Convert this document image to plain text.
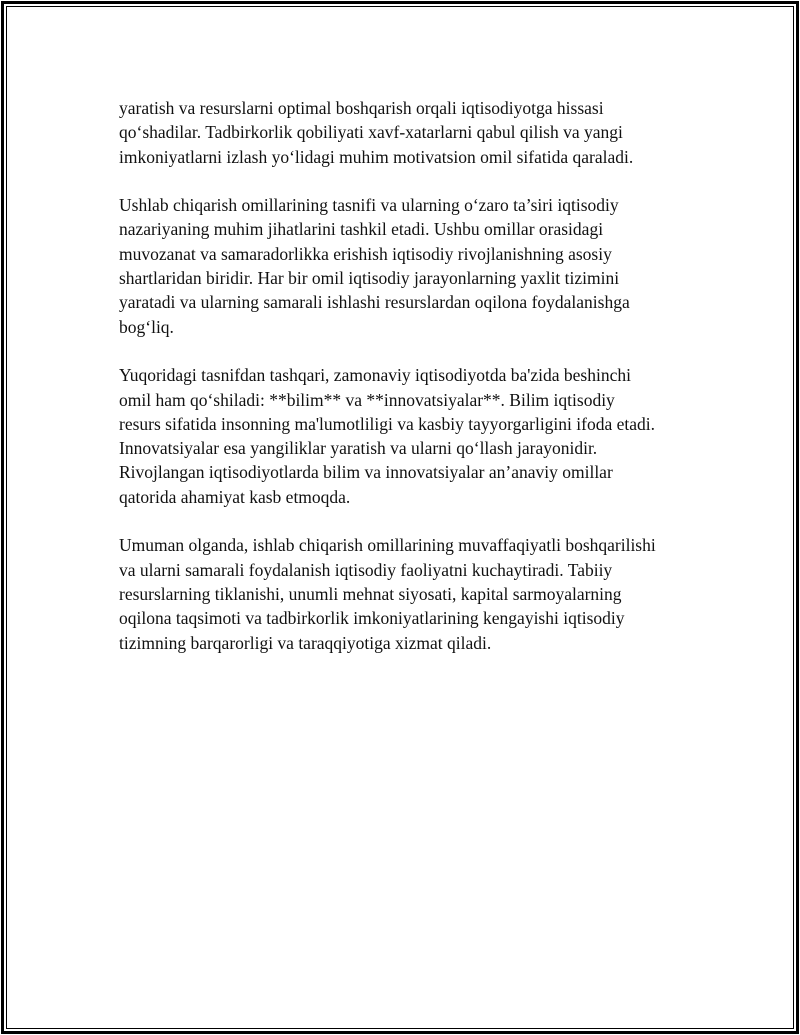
yaratish va resurslarni optimal boshqarish orqali iqtisodiyotga hissasi
qo‘shadilar. Tadbirkorlik qobiliyati xavf-xatarlarni qabul qilish va yangi
imkoniyatlarni izlash yo‘lidagi muhim motivatsion omil sifatida qaraladi.

Ushlab chiqarish omillarining tasnifi va ularning o‘zaro ta’siri iqtisodiy
nazariyaning muhim jihatlarini tashkil etadi. Ushbu omillar orasidagi
muvozanat va samaradorlikka erishish iqtisodiy rivojlanishning asosiy
shartlaridan biridir. Har bir omil iqtisodiy jarayonlarning yaxlit tizimini
yaratadi va ularning samarali ishlashi resurslardan oqilona foydalanishga
bog‘liq.

Yuqoridagi tasnifdan tashqari, zamonaviy iqtisodiyotda ba'zida beshinchi
omil ham qo‘shiladi: **bilim** va **innovatsiyalar**. Bilim iqtisodiy
resurs sifatida insonning ma'lumotliligi va kasbiy tayyorgarligini ifoda etadi.
Innovatsiyalar esa yangiliklar yaratish va ularni qo‘llash jarayonidir.
Rivojlangan iqtisodiyotlarda bilim va innovatsiyalar an’anaviy omillar
qatorida ahamiyat kasb etmoqda.

Umuman olganda, ishlab chiqarish omillarining muvaffaqiyatli boshqarilishi
va ularni samarali foydalanish iqtisodiy faoliyatni kuchaytiradi. Tabiiy
resurslarning tiklanishi, unumli mehnat siyosati, kapital sarmoyalarning
oqilona taqsimoti va tadbirkorlik imkoniyatlarining kengayishi iqtisodiy
tizimning barqarorligi va taraqqiyotiga xizmat qiladi.
